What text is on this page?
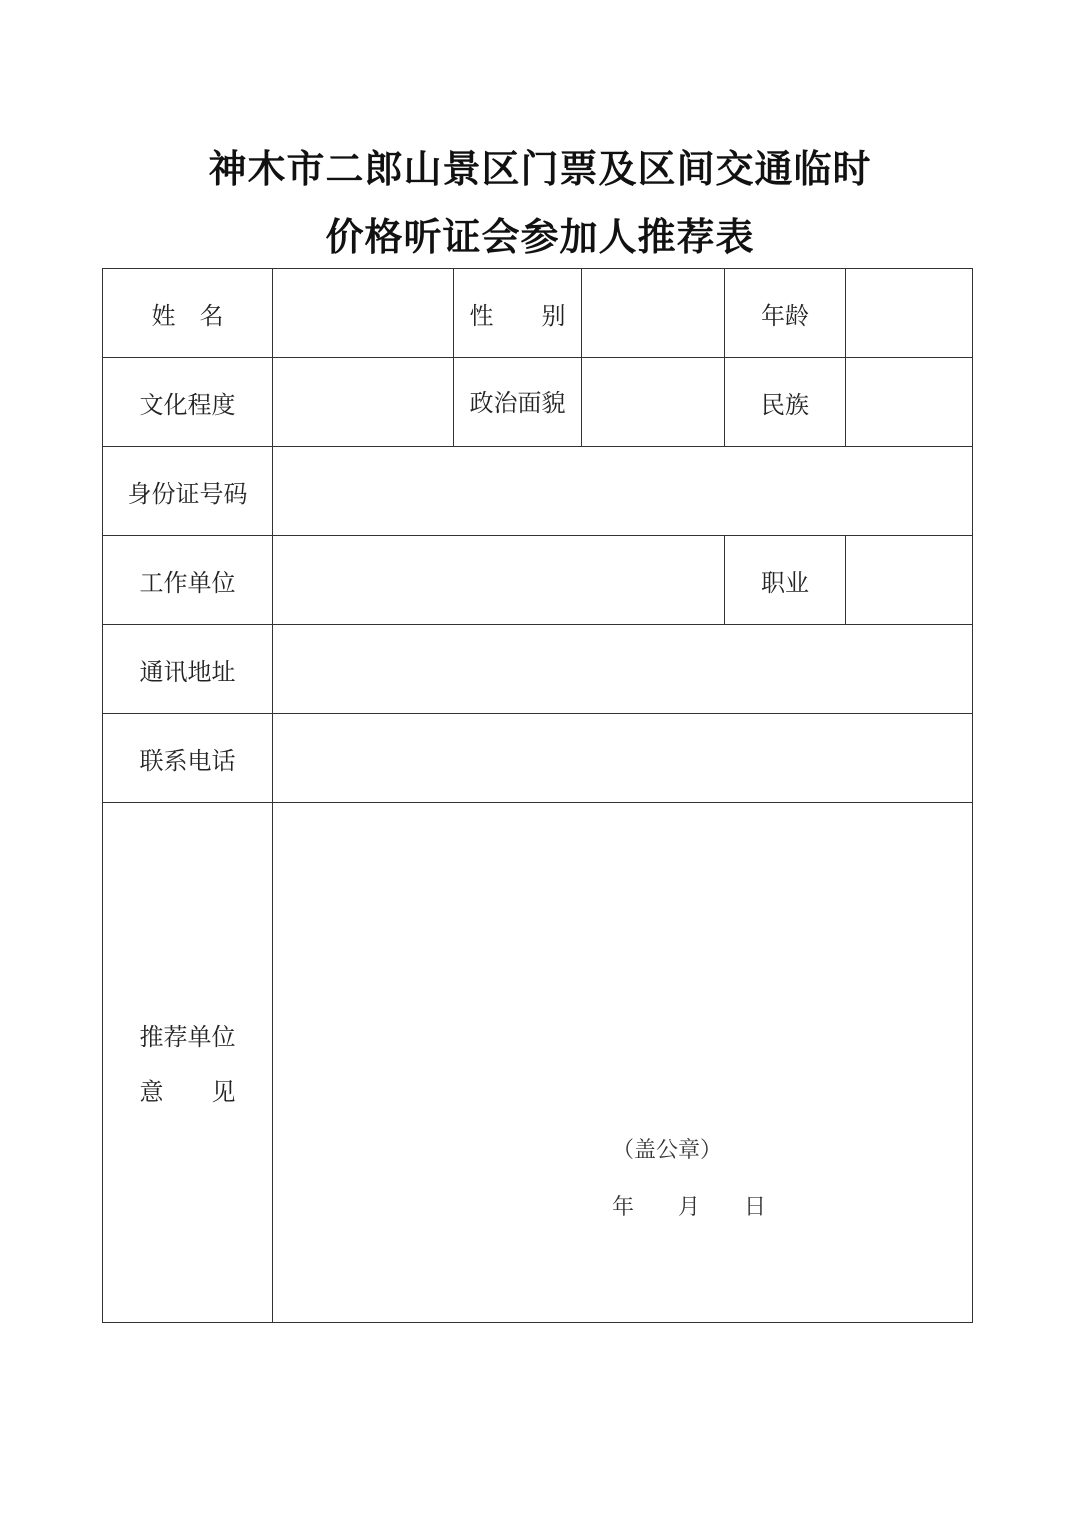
神木市二郎山景区门票及区间交通临时
价格听证会参加人推荐表
姓　名	性　　别	年龄
文化程度	政治面貌	民族
身份证号码
工作单位	职业
通讯地址
联系电话
推荐单位
意　　见
（盖公章）
年　　月　　日
